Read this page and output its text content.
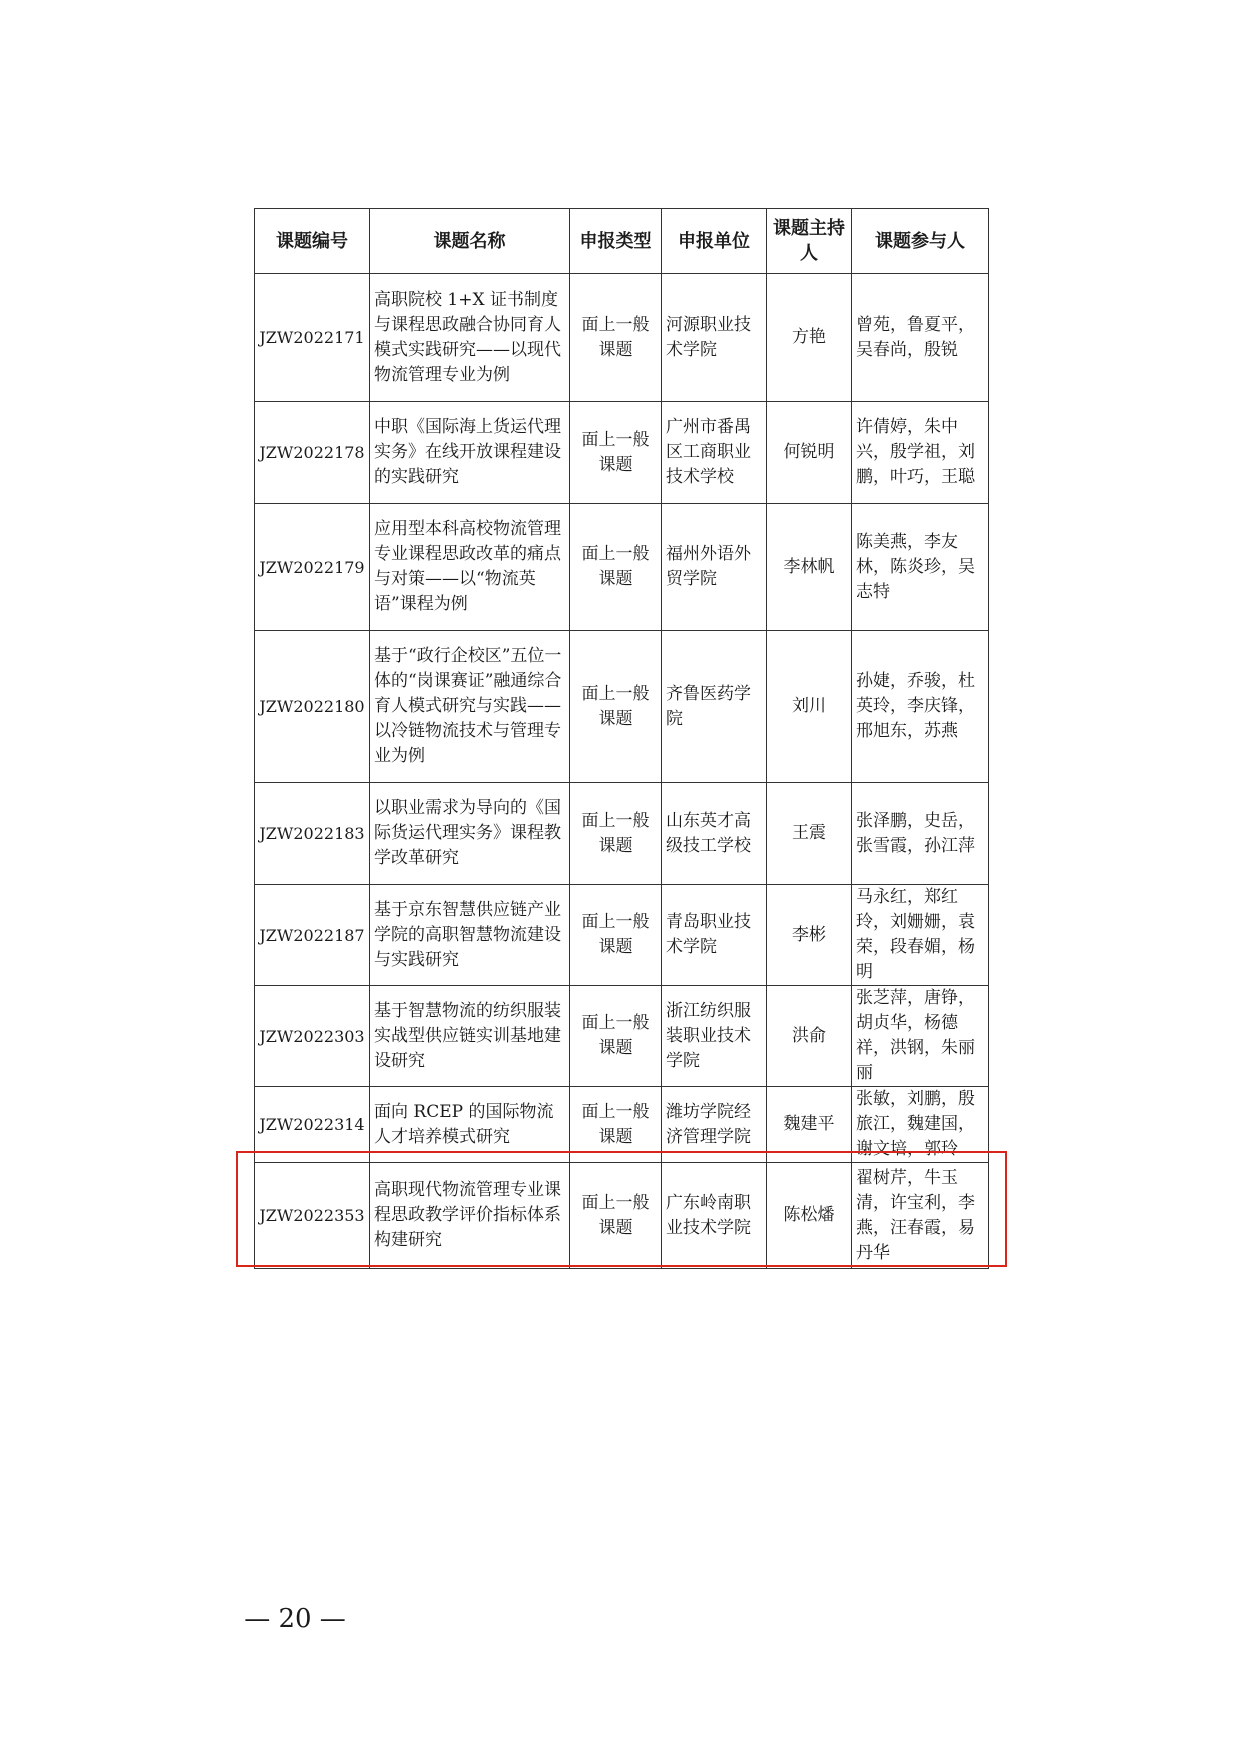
课题编号	课题名称	申报类型	申报单位	课题主持人	课题参与人
JZW2022171	高职院校 1+X 证书制度与课程思政融合协同育人模式实践研究——以现代物流管理专业为例	面上一般课题	河源职业技术学院	方艳	曾苑，鲁夏平，吴春尚，殷锐
JZW2022178	中职《国际海上货运代理实务》在线开放课程建设的实践研究	面上一般课题	广州市番禺区工商职业技术学校	何锐明	许倩婷，朱中兴，殷学祖，刘鹏，叶巧，王聪
JZW2022179	应用型本科高校物流管理专业课程思政改革的痛点与对策——以“物流英语”课程为例	面上一般课题	福州外语外贸学院	李林帆	陈美燕，李友林，陈炎珍，吴志特
JZW2022180	基于“政行企校区”五位一体的“岗课赛证”融通综合育人模式研究与实践——以冷链物流技术与管理专业为例	面上一般课题	齐鲁医药学院	刘川	孙婕，乔骏，杜英玲，李庆锋，邢旭东，苏燕
JZW2022183	以职业需求为导向的《国际货运代理实务》课程教学改革研究	面上一般课题	山东英才高级技工学校	王震	张泽鹏，史岳，张雪霞，孙江萍
JZW2022187	基于京东智慧供应链产业学院的高职智慧物流建设与实践研究	面上一般课题	青岛职业技术学院	李彬	马永红，郑红玲，刘姗姗，袁荣，段春媚，杨明
JZW2022303	基于智慧物流的纺织服装实战型供应链实训基地建设研究	面上一般课题	浙江纺织服装职业技术学院	洪俞	张芝萍，唐铮，胡贞华，杨德祥，洪钢，朱丽丽
JZW2022314	面向 RCEP 的国际物流人才培养模式研究	面上一般课题	潍坊学院经济管理学院	魏建平	张敏，刘鹏，殷旅江，魏建国，谢文培，郭玲
JZW2022353	高职现代物流管理专业课程思政教学评价指标体系构建研究	面上一般课题	广东岭南职业技术学院	陈松燔	翟树芹，牛玉清，许宝利，李燕，汪春霞，易丹华
— 20 —
